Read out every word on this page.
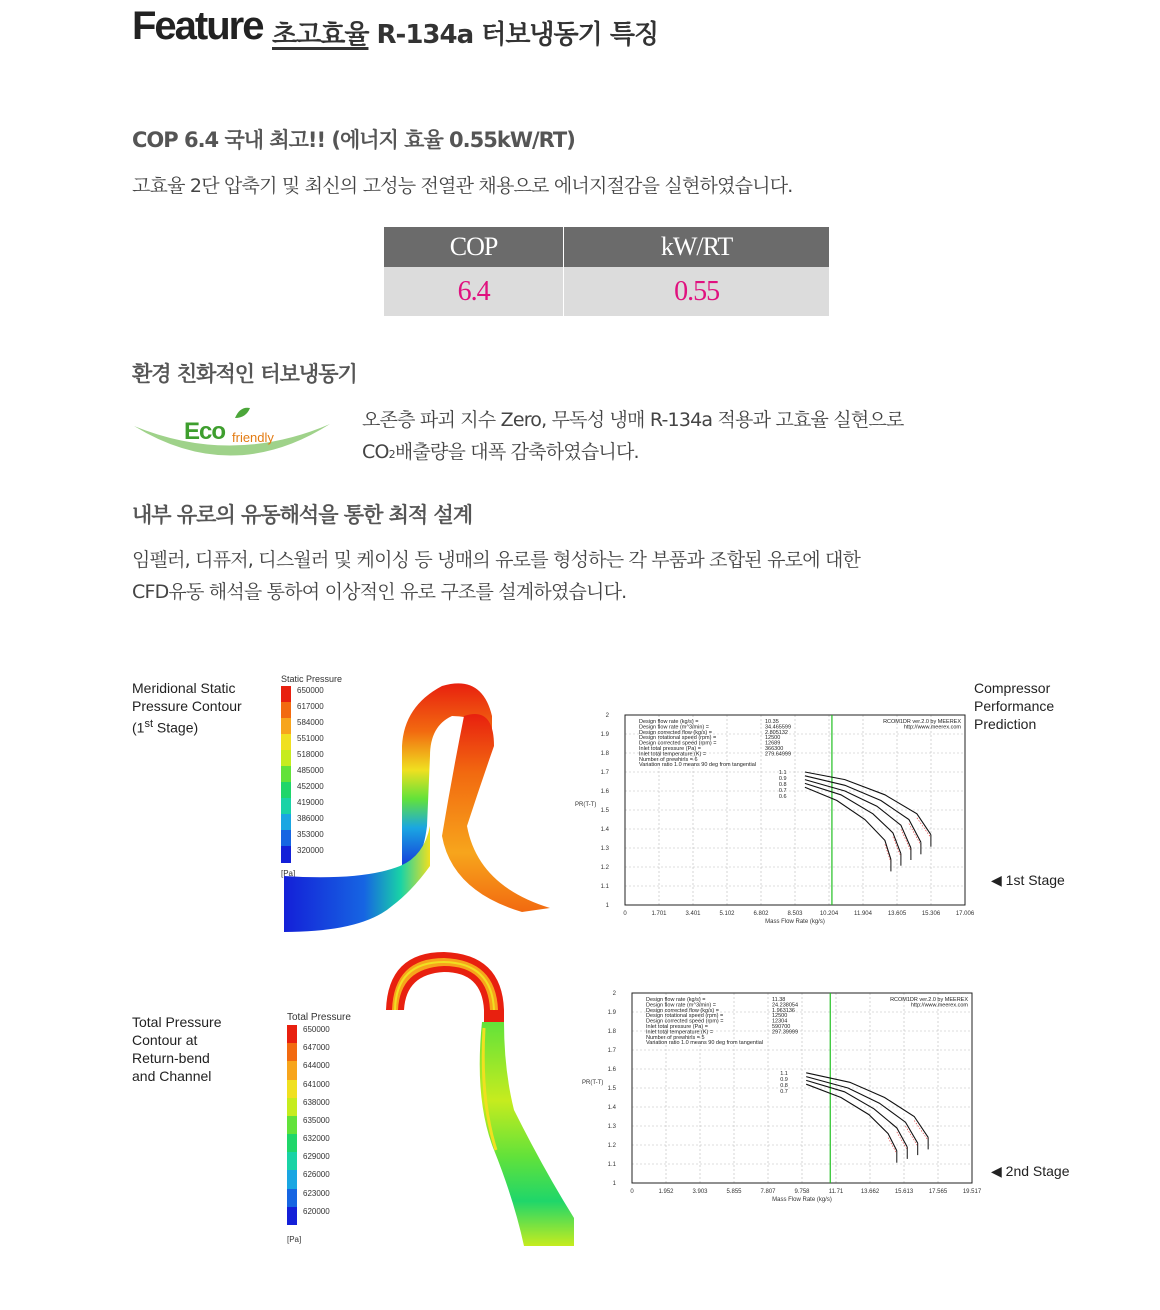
Feature 초고효율 R-134a 터보냉동기 특징
COP 6.4 국내 최고!! (에너지 효율 0.55kW/RT)
고효율 2단 압축기 및 최신의 고성능 전열관 채용으로 에너지절감을 실현하였습니다.
COP	kW/RT
6.4	0.55
환경 친화적인 터보냉동기
Eco friendly
오존층 파괴 지수 Zero, 무독성 냉매 R-134a 적용과 고효율 실현으로
CO2배출량을 대폭 감축하였습니다.
내부 유로의 유동해석을 통한 최적 설계
임펠러, 디퓨저, 디스월러 및 케이싱 등 냉매의 유로를 형성하는 각 부품과 조합된 유로에 대한
CFD유동 해석을 통하여 이상적인 유로 구조를 설계하였습니다.
Meridional Static
Pressure Contour
(1st Stage)
Total Pressure
Contour at
Return-bend
and Channel
Compressor
Performance
Prediction
◀ 1st Stage
◀ 2nd Stage
Static Pressure
650000
617000
584000
551000
518000
485000
452000
419000
386000
353000
320000
[Pa]
Total Pressure
650000
647000
644000
641000
638000
635000
632000
629000
626000
623000
620000
[Pa]
0	1.701	3.401	5.102	6.802	8.503	10.204	11.904	13.605	15.306	17.006
1
1.1
1.2
1.3
1.4
1.5
1.6
1.7
1.8
1.9
2
Mass Flow Rate (kg/s)
PR(T-T)
Design flow rate (kg/s) =
Design flow rate (m^3/min) =
Design corrected flow (kg/s) =
Design rotational speed (rpm) =
Design corrected speed (rpm) =
Inlet total pressure (Pa) =
Inlet total temperature (K) =
Number of prewhirls = 6
Variation ratio 1.0 means 90 deg from tangential
10.35
34.465599
2.805132
12500
12689
366300
279.64999
RCOM1DR ver.2.0 by MEEREX
http://www.meerex.com
1.1
0.9
0.8
0.7
0.6
0	1.952	3.903	5.855	7.807	9.758	11.71	13.662	15.613	17.565	19.517
1
1.1
1.2
1.3
1.4
1.5
1.6
1.7
1.8
1.9
2
Mass Flow Rate (kg/s)
PR(T-T)
Design flow rate (kg/s) =
Design flow rate (m^3/min) =
Design corrected flow (kg/s) =
Design rotational speed (rpm) =
Design corrected speed (rpm) =
Inlet total pressure (Pa) =
Inlet total temperature (K) =
Number of prewhirls = 5
Variation ratio 1.0 means 90 deg from tangential
11.38
24.238054
1.963136
12500
12304
590700
297.39999
RCOM1DR ver.2.0 by MEEREX
http://www.meerex.com
1.1
0.9
0.8
0.7
